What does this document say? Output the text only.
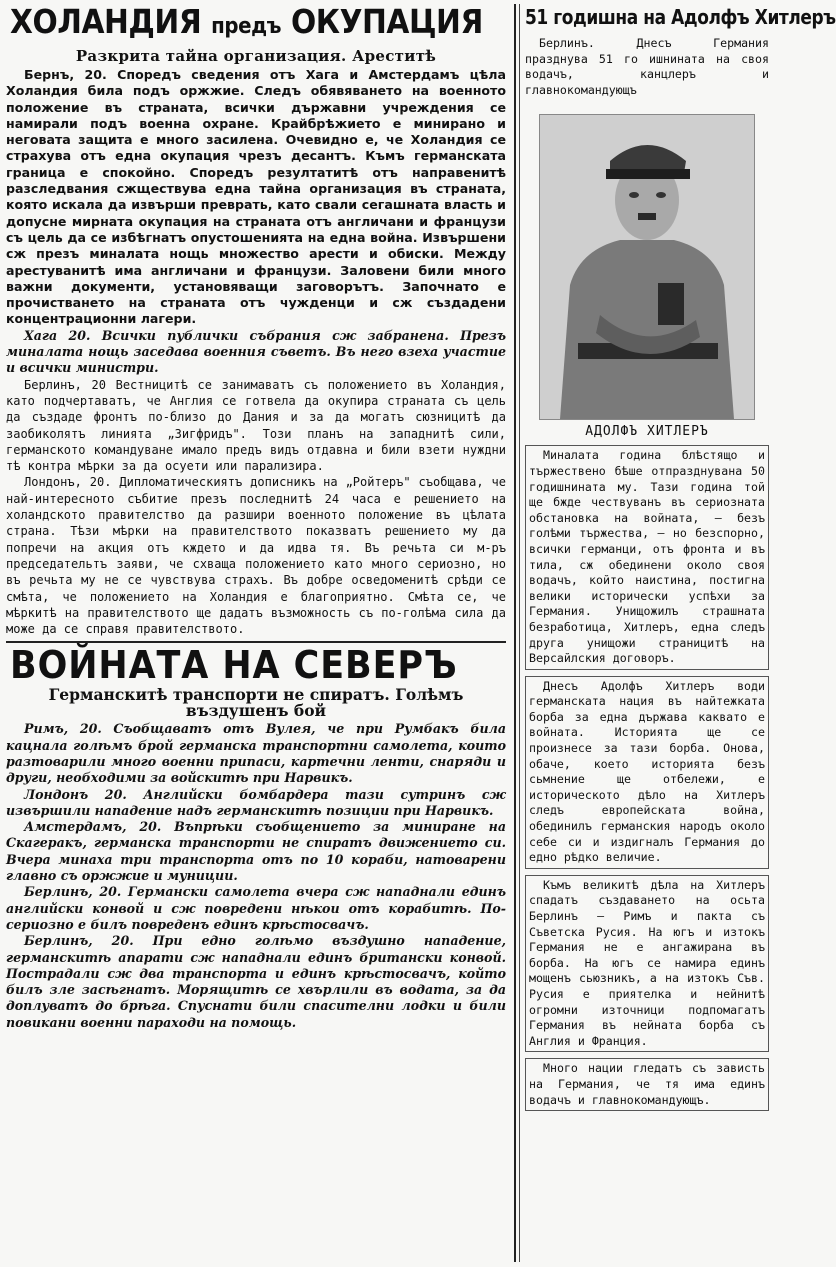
ХОЛАНДИЯ предъ ОКУПАЦИЯ
Разкрита тайна организация. Ареститѣ

Бернъ, 20. Споредъ сведения отъ Хага и Амстердамъ цѣла Холандия била подъ оржжие. Следъ обявяването на военното положение въ страната, всички държавни учреждения се намирали подъ военна охране. Крайбрѣжието е минирано и неговата защита е много засилена. Очевидно е, че Холандия се страхува отъ една окупация чрезъ десантъ. Къмъ германската граница е спокойно. Споредъ резултатитѣ отъ направенитѣ разследвания сжществува една тайна организация въ страната, която искала да извърши преврать, като свали сегашната власть и допусне мирната окупация на страната отъ англичани и французи съ цель да се избѣгнатъ опустошенията на една война. Извършени сж презъ миналата нощь множество арести и обиски. Между арестуванитѣ има англичани и французи. Заловени били много важни документи, установяващи заговорътъ. Започнато е прочистването на страната отъ чужденци и сж създадени концентрационни лагери.

Хага 20. Всички публички събрания сж забранена. Презъ миналата нощь заседава военния съветъ. Въ него взеха участие и всички министри.

Берлинъ, 20 Вестницитѣ се занимаватъ съ положението въ Холандия, като подчертаватъ, че Англия се готвела да окупира страната съ цель да създаде фронтъ по-близо до Дания и за да могатъ сюзницитѣ да заобиколятъ линията „Зигфридъ". Този планъ на западнитѣ сили, германското командуване имало предъ видъ отдавна и били взети нуждни тѣ контра мѣрки за да осуети или парализира.

Лондонъ, 20. Дипломатическиятъ дописникъ на „Ройтеръ" съобщава, че най-интересното събитие презъ последнитѣ 24 часа е решението на холандското правителство да разшири военното положение въ цѣлата страна. Тѣзи мѣрки на правителството показватъ решението му да попречи на акция отъ кждето и да идва тя. Въ речьта си м-ръ председательтъ заяви, че схваща положението като много сериозно, но въ речьта му не се чувствува страхъ. Въ добре осведоменитѣ срѣди се смѣта, че положението на Холандия е благоприятно. Смѣта се, че мѣркитѣ на правителството ще дадатъ възможность съ по-голѣма сила да може да се справя правителството.

ВОЙНАТА НА СЕВЕРЪ
Германскитѣ транспорти не спиратъ. Голѣмъ въздушенъ бой

Римъ, 20. Съобщаватъ отъ Вулея, че при Румбакъ била кацнала голѣмъ брой германска транспортни самолета, които разтоварили много военни припаси, картечни ленти, снаряди и други, необходими за войскитѣ при Нарвикъ.

Лондонъ 20. Английски бомбардера тази сутринъ сж извършили нападение надъ германскитѣ позиции при Нарвикъ.

Амстердамъ, 20. Въпрѣки съобщението за миниране на Скагеракъ, германска транспорти не спиратъ движението си. Вчера минаха три транспорта отъ по 10 кораби, натоварени главно съ оржжие и муниции.

Берлинъ, 20. Германски самолета вчера сж нападнали единъ английски конвой и сж повредени нѣкои отъ корабитѣ. По-сериозно е билъ повреденъ единъ крѣстосвачъ.

Берлинъ, 20. При едно голѣмо въздушно нападение, германскитѣ апарати сж нападнали единъ британски конвой. Пострадали сж два транспорта и единъ крѣстосвачъ, който билъ зле засѣгнатъ. Морящитѣ се хвърлили въ водата, за да доплуватъ до брѣга. Спуснати били спасителни лодки и били повикани военни параходи на помощь.

51 годишна на Адолфъ Хитлеръ

Берлинъ. Днесъ Германия празднува 51 го ишнината на своя водачъ, канцлеръ и главнокомандующъ

АДОЛФЪ ХИТЛЕРЪ

Миналата година блѣстящо и тържествено бѣше отпразднувана 50 годишнината му. Тази година той ще бжде чествуванъ въ сериозната обстановка на войната, — безъ голѣми тържества, — но безспорно, всички германци, отъ фронта и въ тила, сж обединени около своя водачъ, който наистина, постигна велики исторически успѣхи за Германия. Унищожилъ страшната безработица, Хитлеръ, една следъ друга унищожи страницитѣ на Версайлския договоръ.

Днесъ Адолфъ Хитлеръ води германската нация въ найтежката борба за една държава каквато е войната. Историята ще се произнесе за тази борба. Онова, обаче, което историята безъ сьмнение ще отбележи, е историческото дѣло на Хитлеръ следъ европейската война, обединилъ германския народъ около себе си и издигналъ Германия до едно рѣдко величие.

Къмъ великитѣ дѣла на Хитлеръ спадатъ създаването на осьта Берлинъ — Римъ и пакта съ Съветска Русия. На югъ и изтокъ Германия не е ангажирана въ борба. На югъ се намира единъ мощенъ сьюзникъ, а на изтокъ Съв. Русия е приятелка и нейнитѣ огромни източници подпомагатъ Германия въ нейната борба съ Англия и Франция.

Много нации гледатъ съ зависть на Германия, че тя има единъ водачъ и главнокомандующъ.
